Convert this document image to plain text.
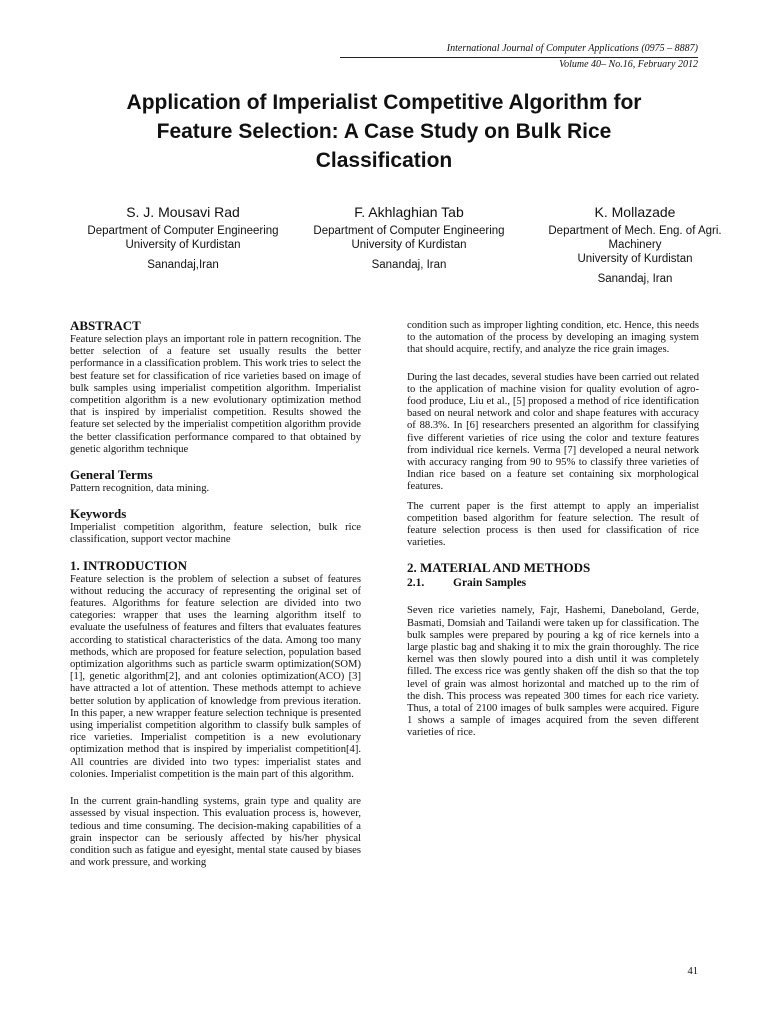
International Journal of Computer Applications (0975 – 8887)
Volume 40– No.16, February 2012
Application of Imperialist Competitive Algorithm for Feature Selection: A Case Study on Bulk Rice Classification
S. J. Mousavi Rad
Department of Computer Engineering
University of Kurdistan
Sanandaj,Iran
F. Akhlaghian Tab
Department of Computer Engineering
University of Kurdistan
Sanandaj, Iran
K. Mollazade
Department of Mech. Eng. of Agri. Machinery
University of Kurdistan
Sanandaj, Iran
ABSTRACT

Feature selection plays an important role in pattern recognition. The better selection of a feature set usually results the better performance in a classification problem. This work tries to select the best feature set for classification of rice varieties based on image of bulk samples using imperialist competition algorithm. Imperialist competition algorithm is a new evolutionary optimization method that is inspired by imperialist competition. Results showed the feature set selected by the imperialist competition algorithm provide the better classification performance compared to that obtained by genetic algorithm technique

General Terms

Pattern recognition, data mining.

Keywords

Imperialist competition algorithm, feature selection, bulk rice classification, support vector machine

1. INTRODUCTION

Feature selection is the problem of selection a subset of features without reducing the accuracy of representing the original set of features. Algorithms for feature selection are divided into two categories: wrapper that uses the learning algorithm itself to evaluate the usefulness of features and filters that evaluates features according to statistical characteristics of the data. Among too many methods, which are proposed for feature selection, population based optimization algorithms such as particle swarm optimization(SOM)[1], genetic algorithm[2], and ant colonies optimization(ACO) [3] have attracted a lot of attention. These methods attempt to achieve better solution by application of knowledge from previous iteration. In this paper, a new wrapper feature selection technique is presented using imperialist competition algorithm to classify bulk samples of rice varieties. Imperialist competition is a new evolutionary optimization method that is inspired by imperialist competition[4]. All countries are divided into two types: imperialist states and colonies. Imperialist competition is the main part of this algorithm.

In the current grain-handling systems, grain type and quality are assessed by visual inspection. This evaluation process is, however, tedious and time consuming. The decision-making capabilities of a grain inspector can be seriously affected by his/her physical condition such as fatigue and eyesight, mental state caused by biases and work pressure, and working

condition such as improper lighting condition, etc. Hence, this needs to the automation of the process by developing an imaging system that should acquire, rectify, and analyze the rice grain images.

During the last decades, several studies have been carried out related to the application of machine vision for quality evolution of agro-food produce, Liu et al., [5] proposed a method of rice identification based on neural network and color and shape features with accuracy of 88.3%. In [6] researchers presented an algorithm for classifying five different varieties of rice using the color and texture features from individual rice kernels. Verma [7] developed a neural network with accuracy ranging from 90 to 95% to classify three varieties of Indian rice based on a feature set containing six morphological features.

The current paper is the first attempt to apply an imperialist competition based algorithm for feature selection. The result of feature selection process is then used for classification of rice varieties.

2. MATERIAL AND METHODS
2.1.	Grain Samples

Seven rice varieties namely, Fajr, Hashemi, Daneboland, Gerde, Basmati, Domsiah and Tailandi were taken up for classification. The bulk samples were prepared by pouring a kg of rice kernels into a large plastic bag and shaking it to mix the grain thoroughly. The rice kernel was then slowly poured into a dish until it was completely filled. The excess rice was gently shaken off the dish so that the top level of grain was almost horizontal and matched up to the rim of the dish. This process was repeated 300 times for each rice variety. Thus, a total of 2100 images of bulk samples were acquired. Figure 1 shows a sample of images acquired from the seven different varieties of rice.

41
